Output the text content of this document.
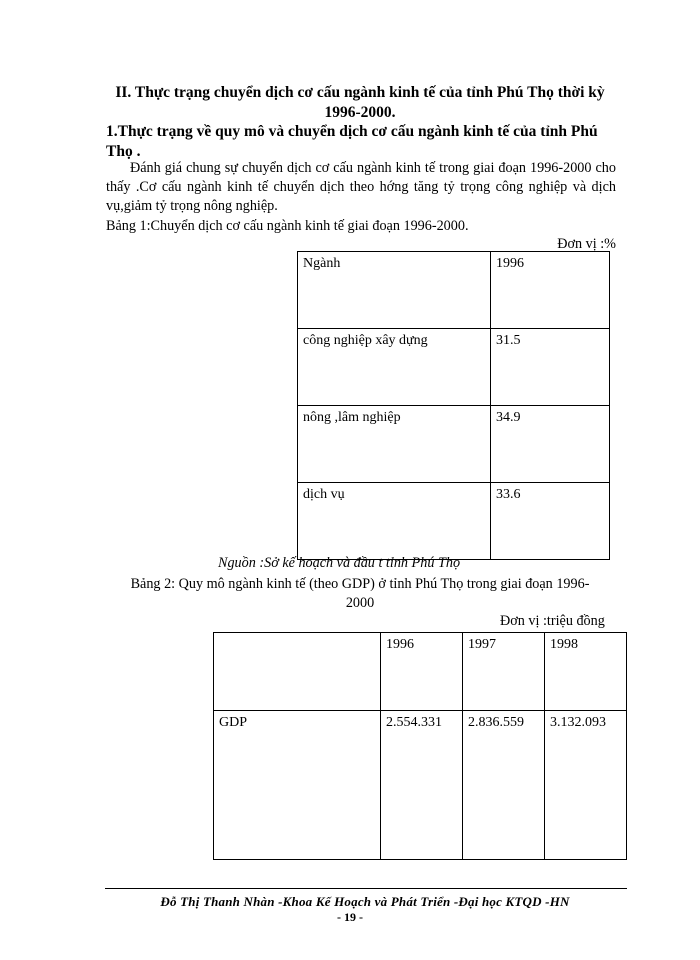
II. Thực trạng chuyển dịch cơ cấu ngành kinh tế của tỉnh Phú Thọ thời kỳ 1996-2000.
1.Thực trạng về quy mô và chuyển dịch cơ cấu ngành kinh tế của tỉnh Phú Thọ .
Đánh giá chung sự chuyển dịch cơ cấu ngành kinh tế trong giai đoạn 1996-2000 cho thấy .Cơ cấu ngành kinh tế chuyển dịch theo hớng tăng tỷ trọng công nghiệp và dịch vụ,giảm tỷ trọng nông nghiệp.
Bảng 1:Chuyển dịch cơ cấu ngành kinh tế giai đoạn 1996-2000.
Đơn vị :%
Ngành	1996
công nghiệp xây dựng	31.5
nông ,lâm nghiệp	34.9
dịch vụ	33.6
Nguồn :Sở kế hoạch và đầu t tỉnh Phú Thọ
Bảng 2: Quy mô ngành kinh tế (theo GDP) ở tỉnh Phú Thọ trong giai đoạn 1996-2000
Đơn vị :triệu đồng
	1996	1997	1998
GDP	2.554.331	2.836.559	3.132.093
Đỗ Thị Thanh Nhàn -Khoa Kế Hoạch và Phát Triển -Đại học KTQD -HN
- 19 -
